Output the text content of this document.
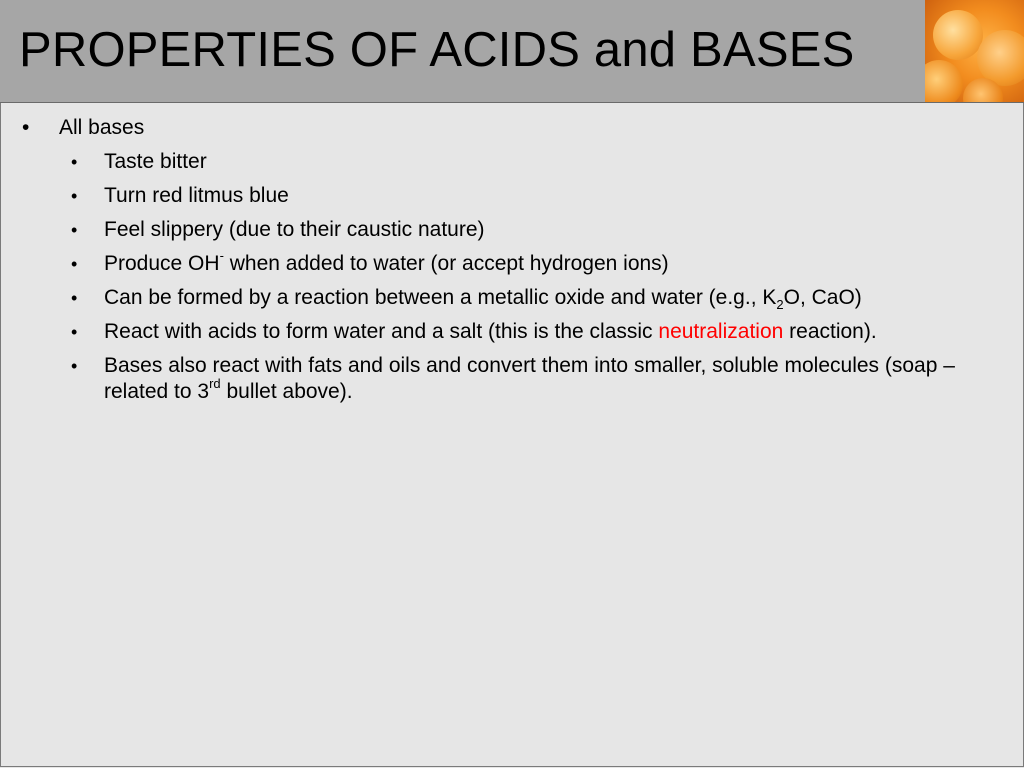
PROPERTIES OF ACIDS and BASES
• All bases
• Taste bitter
• Turn red litmus blue
• Feel slippery (due to their caustic nature)
• Produce OH- when added to water (or accept hydrogen ions)
• Can be formed by a reaction between a metallic oxide and water (e.g., $K_2O$, CaO)
• React with acids to form water and a salt (this is the classic neutralization reaction).
• Bases also react with fats and oils and convert them into smaller, soluble molecules (soap – related to 3rd bullet above).
